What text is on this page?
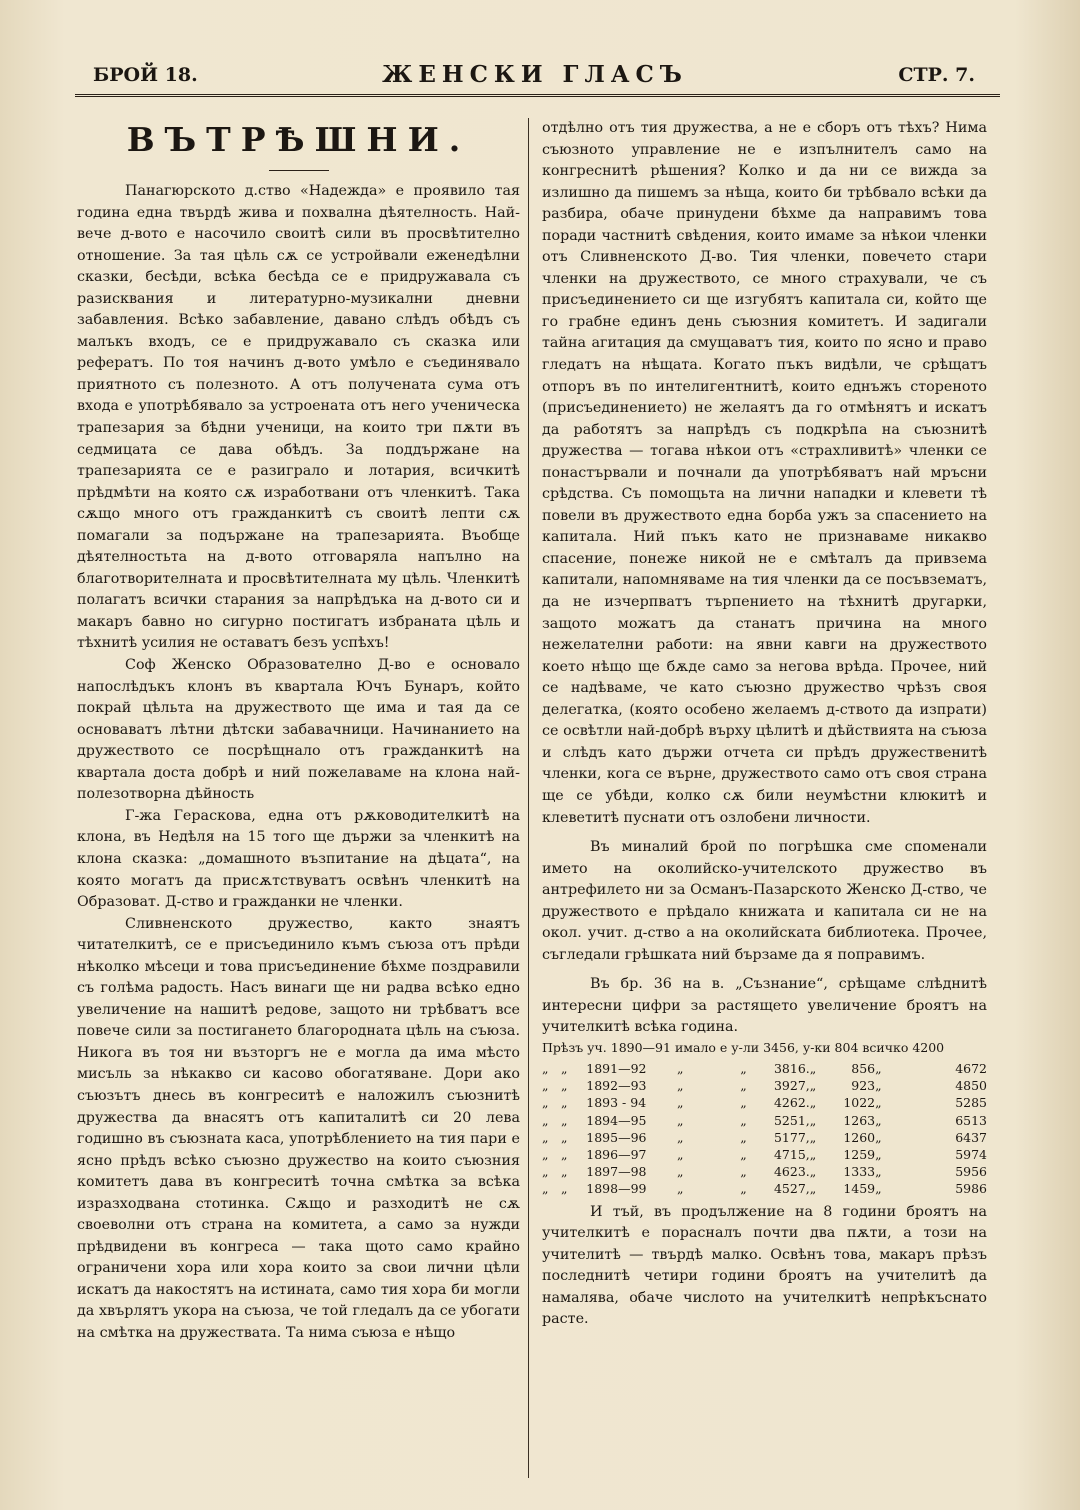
БРОЙ 18.	ЖЕНСКИ ГЛАСЪ	СТР. 7.
ВЪТРѢШНИ.

Панагюрското д.ство «Надежда» е проявило тая година една твърдѣ жива и похвална дѣятелность. Най-вече д-вото е насочило своитѣ сили въ просвѣтително отношение. За тая цѣль сѫ се устройвали еженедѣлни сказки, бесѣди, всѣка бесѣда се е придружавала съ разисквания и литературно-музикални дневни забавления. Всѣко забавление, давано слѣдъ обѣдъ съ малъкъ входъ, се е придружавало съ сказка или рефератъ. По тоя начинъ д-вото умѣло е съединявало приятното съ полезното. А отъ получената сума отъ входа е употрѣбявало за устроената отъ него ученическа трапезария за бѣдни ученици, на които три пѫти въ седмицата се дава обѣдъ. За поддържане на трапезарията се е разиграло и лотария, всичкитѣ прѣдмѣти на която сѫ изработвани отъ членкитѣ. Така сѫщо много отъ гражданкитѣ съ своитѣ лепти сѫ помагали за подържане на трапезарията. Въобще дѣятелностьта на д-вото отговаряла напълно на благотворителната и просвѣтителната му цѣль. Членкитѣ полагатъ всички старания за напрѣдъка на д-вото си и макаръ бавно но сигурно постигатъ избраната цѣль и тѣхнитѣ усилия не оставатъ безъ успѣхъ!

Соф Женско Образователно Д-во е основало напослѣдъкъ клонъ въ квартала Ючъ Бунаръ, който покрай цѣльта на дружеството ще има и тая да се основаватъ лѣтни дѣтски забавачници. Начинанието на дружеството се посрѣщнало отъ гражданкитѣ на квартала доста добрѣ и ний пожелаваме на клона най-полезотворна дѣйность

Г-жа Гераскова, една отъ рѫководителкитѣ на клона, въ Недѣля на 15 того ще държи за членкитѣ на клона сказка: „домашното възпитание на дѣцата“, на която могатъ да присѫтствуватъ освѣнъ членкитѣ на Образоват. Д-ство и гражданки не членки.

Сливненското дружество, както знаятъ читателкитѣ, се е присъединило къмъ съюза отъ прѣди нѣколко мѣсеци и това присъединение бѣхме поздравили съ голѣма радость. Насъ винаги ще ни радва всѣко едно увеличение на нашитѣ редове, защото ни трѣбватъ все повече сили за постигането благородната цѣль на съюза. Никога въ тоя ни възторгъ не е могла да има мѣсто мисъль за нѣкакво си касово обогатяване. Дори ако съюзътъ днесь въ конгреситѣ е наложилъ съюзнитѣ дружества да внасятъ отъ капиталитѣ си 20 лева годишно въ съюзната каса, употрѣблението на тия пари е ясно прѣдъ всѣко съюзно дружество на които съюзния комитетъ дава въ конгреситѣ точна смѣтка за всѣка изразходвана стотинка. Сѫщо и разходитѣ не сѫ своеволни отъ страна на комитета, а само за нужди прѣдвидени въ конгреса — така щото само крайно ограничени хора или хора които за свои лични цѣли искатъ да накостятъ на истината, само тия хора би могли да хвърлятъ укора на съюза, че той гледалъ да се убогати на смѣтка на дружествата. Та нима съюза е нѣщо

отдѣлно отъ тия дружества, а не е сборъ отъ тѣхъ? Нима съюзното управление не е изпълнителъ само на конгреснитѣ рѣшения? Колко и да ни се вижда за излишно да пишемъ за нѣща, които би трѣбвало всѣки да разбира, обаче принудени бѣхме да направимъ това поради частнитѣ свѣдения, които имаме за нѣкои членки отъ Сливненското Д-во. Тия членки, повечето стари членки на дружеството, се много страхували, че съ присъединението си ще изгубятъ капитала си, който ще го грабне единъ день съюзния комитетъ. И задигали тайна агитация да смущаватъ тия, които по ясно и право гледатъ на нѣщата. Когато пъкъ видѣли, че срѣщатъ отпоръ въ по интелигентнитѣ, които еднъжъ стореното (присъединението) не желаятъ да го отмѣнятъ и искатъ да работятъ за напрѣдъ съ подкрѣпа на съюзнитѣ дружества — тогава нѣкои отъ «страхливитѣ» членки се понастървали и почнали да употрѣбяватъ най мръсни срѣдства. Съ помощьта на лични нападки и клевети тѣ повели въ дружеството една борба ужъ за спасението на капитала. Ний пъкъ като не признаваме никакво спасение, понеже никой не е смѣталъ да привзема капитали, напомняваме на тия членки да се посъвзематъ, да не изчерпватъ търпението на тѣхнитѣ другарки, защото можатъ да станатъ причина на много нежелателни работи: на явни кавги на дружеството което нѣщо ще бѫде само за негова врѣда. Прочее, ний се надѣваме, че като съюзно дружество чрѣзъ своя делегатка, (която особено желаемъ д-ството да изпрати) се освѣтли най-добрѣ върху цѣлитѣ и дѣйствията на съюза и слѣдъ като държи отчета си прѣдъ дружественитѣ членки, кога се върне, дружеството само отъ своя страна ще се убѣди, колко сѫ били неумѣстни клюкитѣ и клеветитѣ пуснати отъ озлобени личности.

Въ миналий брой по погрѣшка сме споменали името на околийско-учителското дружество въ антрефилето ни за Османъ-Пазарското Женско Д-ство, че дружеството е прѣдало книжата и капитала си не на окол. учит. д-ство а на околийската библиотека. Прочее, съгледали грѣшката ний бързаме да я поправимъ.

Въ бр. 36 на в. „Съзнание“, срѣщаме слѣднитѣ интересни цифри за растящето увеличение броятъ на учителкитѣ всѣка година.

Прѣзъ уч. 1890—91 имало е у-ли 3456, у-ки 804 всичко 4200
„	„	1891—92	„	„	3816.	„	856	„	4672
„	„	1892—93	„	„	3927,	„	923	„	4850
„	„	1893 - 94	„	„	4262.	„	1022	„	5285
„	„	1894—95	„	„	5251,	„	1263	„	6513
„	„	1895—96	„	„	5177,	„	1260	„	6437
„	„	1896—97	„	„	4715,	„	1259	„	5974
„	„	1897—98	„	„	4623.	„	1333	„	5956
„	„	1898—99	„	„	4527,	„	1459	„	5986

И тъй, въ продължение на 8 години броятъ на учителкитѣ е порасналъ почти два пѫти, а този на учителитѣ — твърдѣ малко. Освѣнъ това, макаръ прѣзъ последнитѣ четири години броятъ на учителитѣ да намалява, обаче числото на учителкитѣ непрѣкъснато расте.
